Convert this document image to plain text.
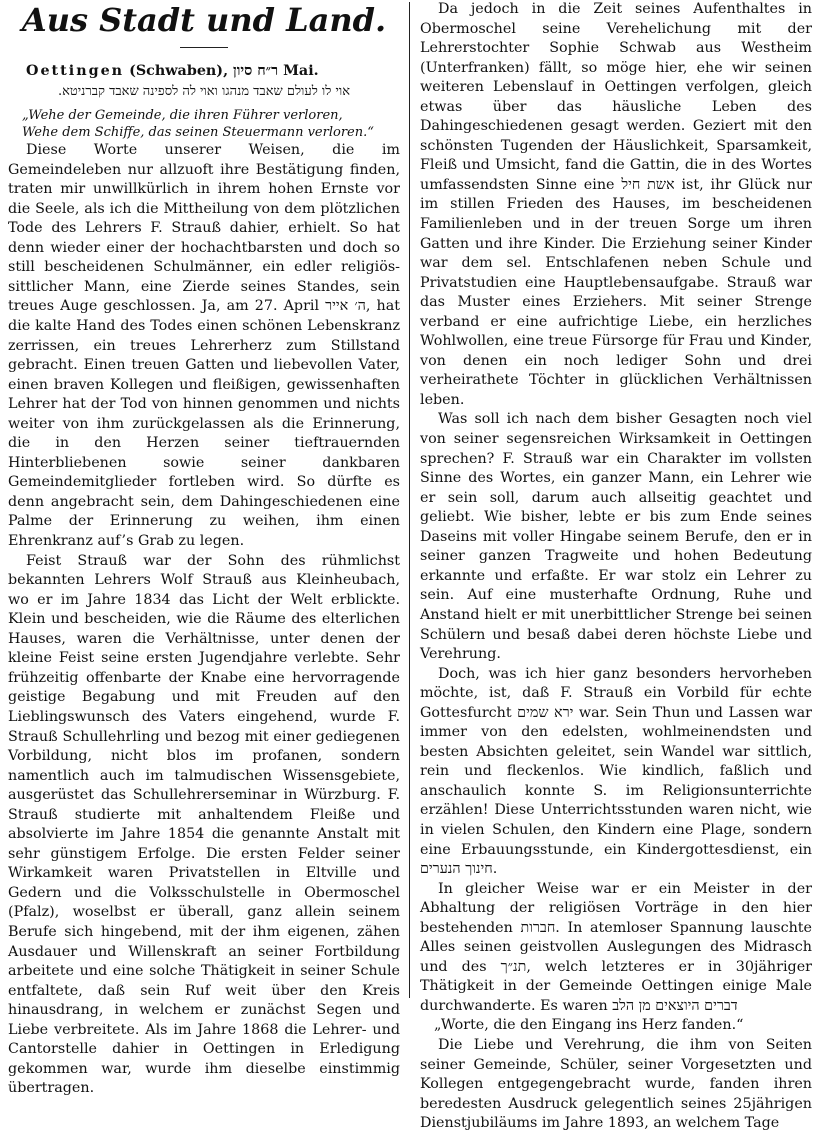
Aus Stadt und Land.

Oettingen (Schwaben), ר״ח סיון Mai.

אוי לו לעולם שאבד מנהגו ואוי לה לספינה שאבד קברניטא.

„Wehe der Gemeinde, die ihren Führer verloren,

Wehe dem Schiffe, das seinen Steuermann verloren.“

Diese Worte unserer Weisen, die im Gemeindeleben nur allzuoft ihre Bestätigung finden, traten mir unwillkürlich in ihrem hohen Ernste vor die Seele, als ich die Mittheilung von dem plötzlichen Tode des Lehrers F. Strauß dahier, erhielt. So hat denn wieder einer der hochachtbarsten und doch so still bescheidenen Schulmänner, ein edler religiös-sittlicher Mann, eine Zierde seines Standes, sein treues Auge geschlossen. Ja, am 27. April ה׳ אייר, hat die kalte Hand des Todes einen schönen Lebenskranz zerrissen, ein treues Lehrerherz zum Stillstand gebracht. Einen treuen Gatten und liebevollen Vater, einen braven Kollegen und fleißigen, gewissenhaften Lehrer hat der Tod von hinnen genommen und nichts weiter von ihm zurückgelassen als die Erinnerung, die in den Herzen seiner tieftrauernden Hinterbliebenen sowie seiner dankbaren Gemeindemitglieder fortleben wird. So dürfte es denn angebracht sein, dem Dahingeschiedenen eine Palme der Erinnerung zu weihen, ihm einen Ehrenkranz auf’s Grab zu legen.

Feist Strauß war der Sohn des rühmlichst bekannten Lehrers Wolf Strauß aus Kleinheubach, wo er im Jahre 1834 das Licht der Welt erblickte. Klein und bescheiden, wie die Räume des elterlichen Hauses, waren die Verhältnisse, unter denen der kleine Feist seine ersten Jugendjahre verlebte. Sehr frühzeitig offenbarte der Knabe eine hervorragende geistige Begabung und mit Freuden auf den Lieblingswunsch des Vaters eingehend, wurde F. Strauß Schullehrling und bezog mit einer gediegenen Vorbildung, nicht blos im profanen, sondern namentlich auch im talmudischen Wissensgebiete, ausgerüstet das Schullehrerseminar in Würzburg. F. Strauß studierte mit anhaltendem Fleiße und absolvierte im Jahre 1854 die genannte Anstalt mit sehr günstigem Erfolge. Die ersten Felder seiner Wirkamkeit waren Privatstellen in Eltville und Gedern und die Volksschulstelle in Obermoschel (Pfalz), woselbst er überall, ganz allein seinem Berufe sich hingebend, mit der ihm eigenen, zähen Ausdauer und Willenskraft an seiner Fortbildung arbeitete und eine solche Thätigkeit in seiner Schule entfaltete, daß sein Ruf weit über den Kreis hinausdrang, in welchem er zunächst Segen und Liebe verbreitete. Als im Jahre 1868 die Lehrer- und Cantorstelle dahier in Oettingen in Erledigung gekommen war, wurde ihm dieselbe einstimmig übertragen.

Da jedoch in die Zeit seines Aufenthaltes in Obermoschel seine Verehelichung mit der Lehrerstochter Sophie Schwab aus Westheim (Unterfranken) fällt, so möge hier, ehe wir seinen weiteren Lebenslauf in Oettingen verfolgen, gleich etwas über das häusliche Leben des Dahingeschiedenen gesagt werden. Geziert mit den schönsten Tugenden der Häuslichkeit, Sparsamkeit, Fleiß und Umsicht, fand die Gattin, die in des Wortes umfassendsten Sinne eine אשת חיל ist, ihr Glück nur im stillen Frieden des Hauses, im bescheidenen Familienleben und in der treuen Sorge um ihren Gatten und ihre Kinder. Die Erziehung seiner Kinder war dem sel. Entschlafenen neben Schule und Privatstudien eine Hauptlebensaufgabe. Strauß war das Muster eines Erziehers. Mit seiner Strenge verband er eine aufrichtige Liebe, ein herzliches Wohlwollen, eine treue Fürsorge für Frau und Kinder, von denen ein noch lediger Sohn und drei verheirathete Töchter in glücklichen Verhältnissen leben.

Was soll ich nach dem bisher Gesagten noch viel von seiner segensreichen Wirksamkeit in Oettingen sprechen? F. Strauß war ein Charakter im vollsten Sinne des Wortes, ein ganzer Mann, ein Lehrer wie er sein soll, darum auch allseitig geachtet und geliebt. Wie bisher, lebte er bis zum Ende seines Daseins mit voller Hingabe seinem Berufe, den er in seiner ganzen Tragweite und hohen Bedeutung erkannte und erfaßte. Er war stolz ein Lehrer zu sein. Auf eine musterhafte Ordnung, Ruhe und Anstand hielt er mit unerbittlicher Strenge bei seinen Schülern und besaß dabei deren höchste Liebe und Verehrung.

Doch, was ich hier ganz besonders hervorheben möchte, ist, daß F. Strauß ein Vorbild für echte Gottesfurcht ירא שמים war. Sein Thun und Lassen war immer von den edelsten, wohlmeinendsten und besten Absichten geleitet, sein Wandel war sittlich, rein und fleckenlos. Wie kindlich, faßlich und anschaulich konnte S. im Religionsunterrichte erzählen! Diese Unterrichtsstunden waren nicht, wie in vielen Schulen, den Kindern eine Plage, sondern eine Erbauungsstunde, ein Kindergottesdienst, ein חינוך הנערים.

In gleicher Weise war er ein Meister in der Abhaltung der religiösen Vorträge in den hier bestehenden חברות. In atemloser Spannung lauschte Alles seinen geistvollen Auslegungen des Midrasch und des תנ״ך, welch letzteres er in 30jähriger Thätigkeit in der Gemeinde Oettingen einige Male durchwanderte. Es waren דברים היוצאים מן הלב

„Worte, die den Eingang ins Herz fanden.“

Die Liebe und Verehrung, die ihm von Seiten seiner Gemeinde, Schüler, seiner Vorgesetzten und Kollegen entgegengebracht wurde, fanden ihren beredesten Ausdruck gelegentlich seines 25jährigen Dienstjubiläums im Jahre 1893, an welchem Tage
